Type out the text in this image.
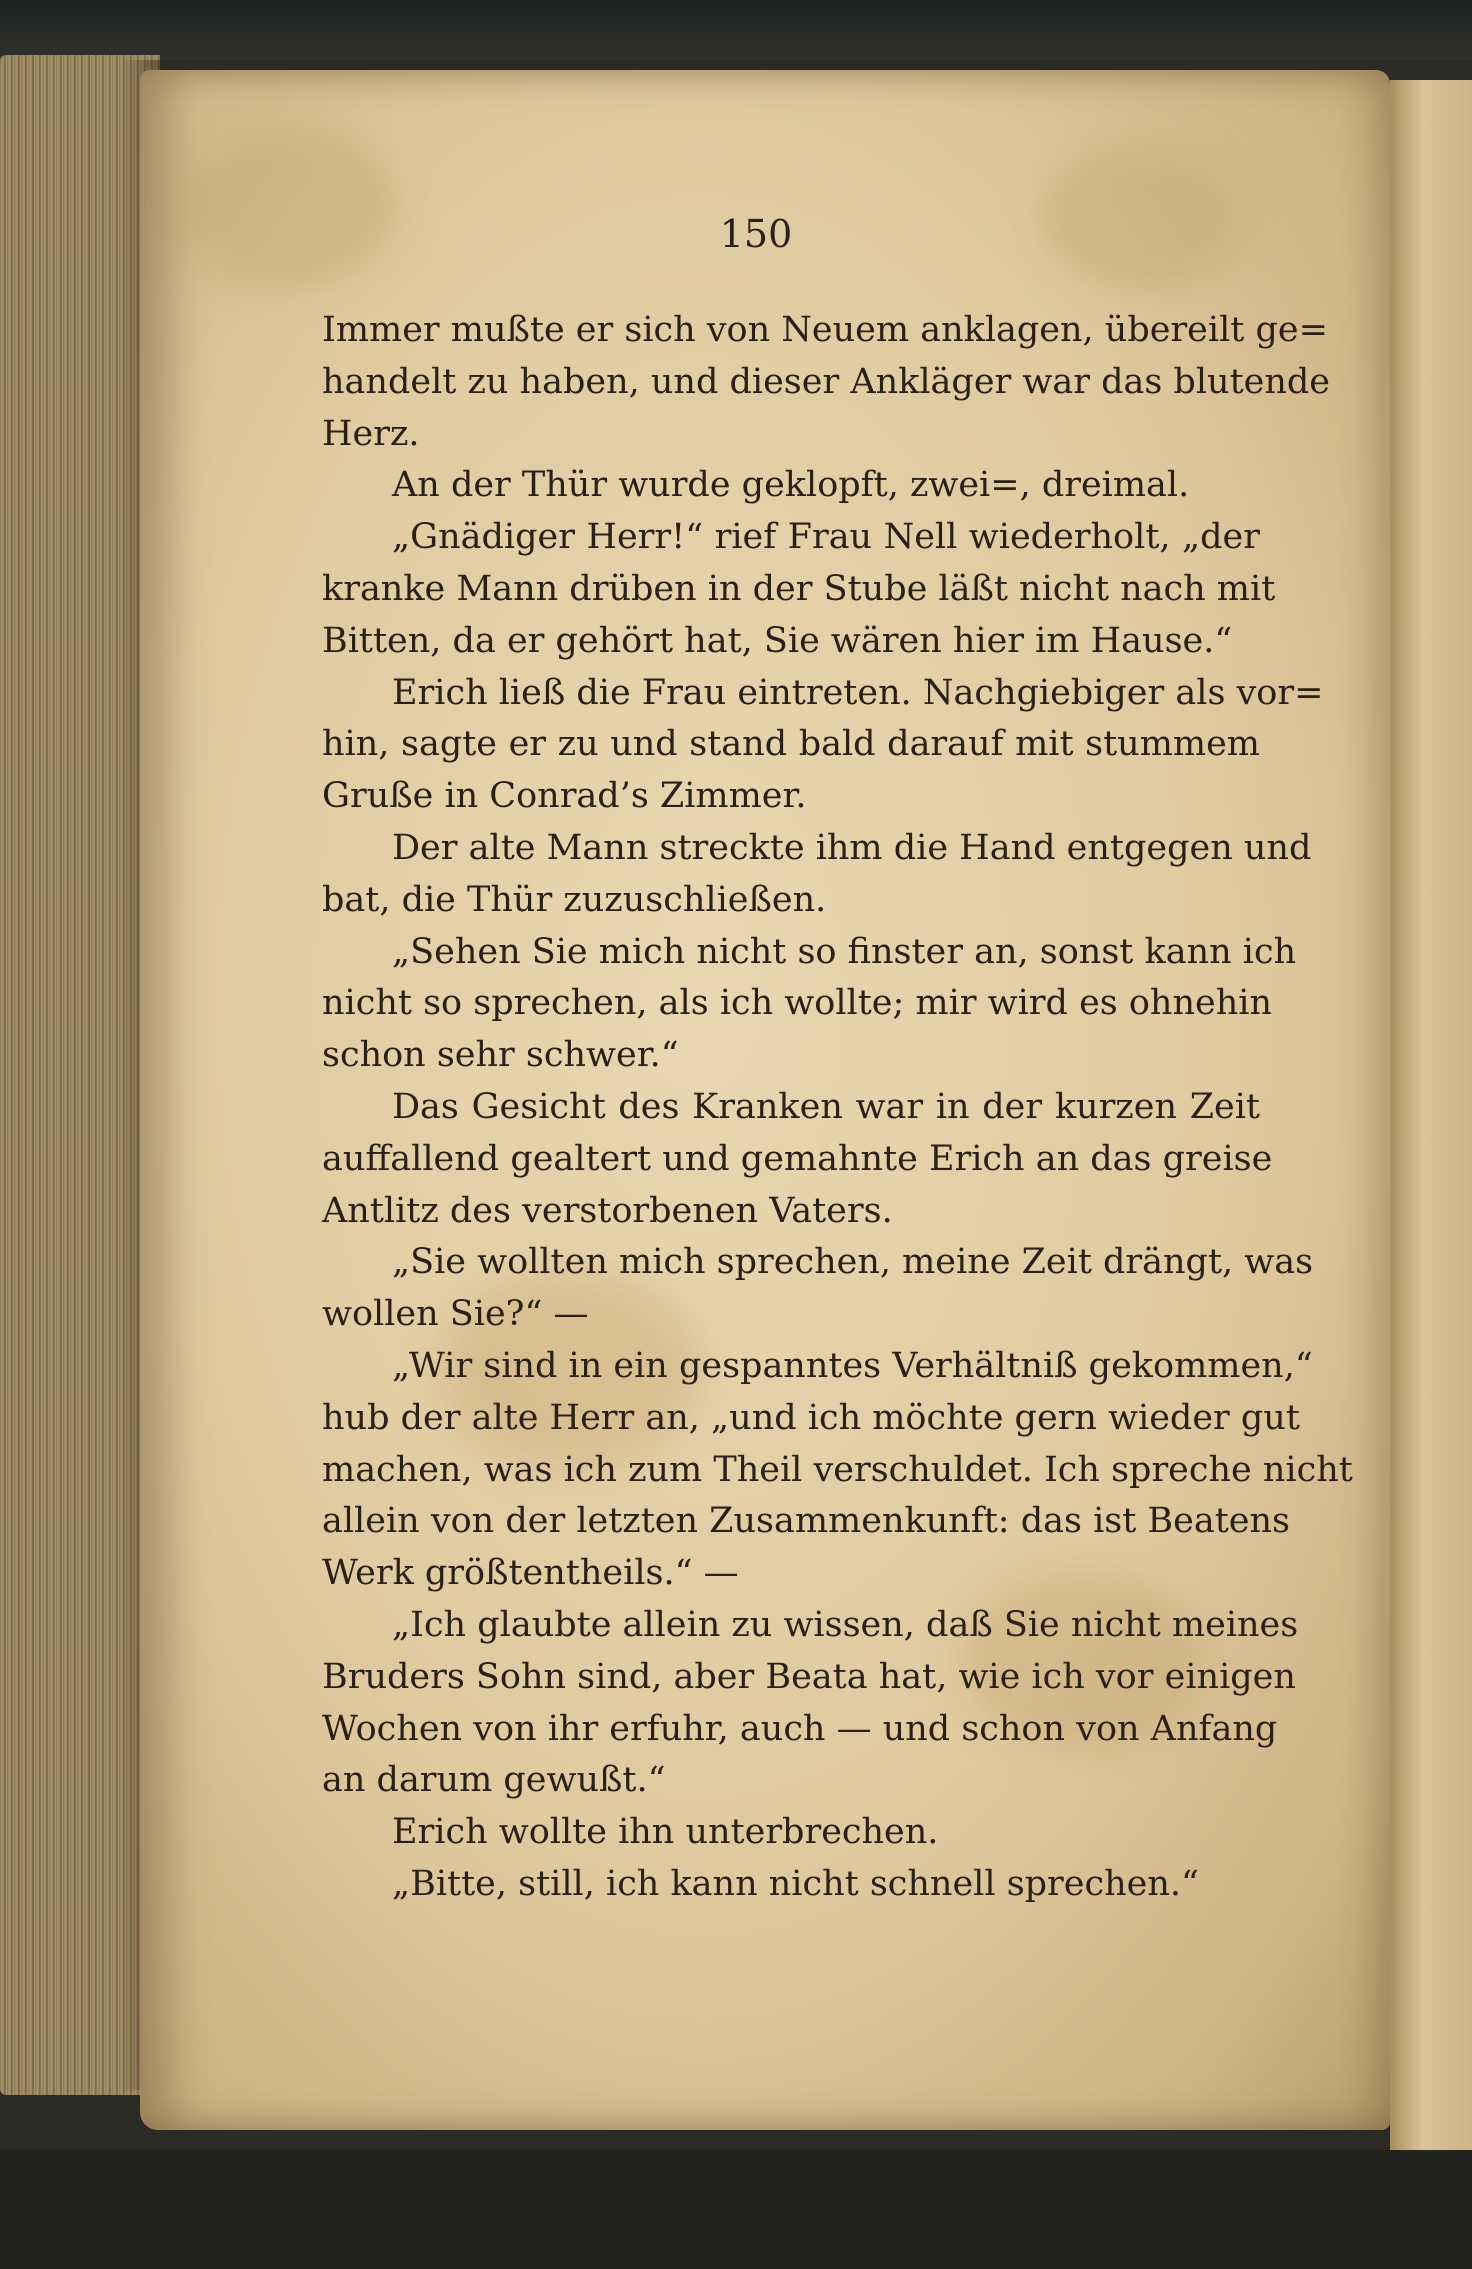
150
Immer mußte er sich von Neuem anklagen, übereilt ge=
handelt zu haben, und dieser Ankläger war das blutende
Herz.
An der Thür wurde geklopft, zwei=, dreimal.
„Gnädiger Herr!“ rief Frau Nell wiederholt, „der
kranke Mann drüben in der Stube läßt nicht nach mit
Bitten, da er gehört hat, Sie wären hier im Hause.“
Erich ließ die Frau eintreten. Nachgiebiger als vor=
hin, sagte er zu und stand bald darauf mit stummem
Gruße in Conrad’s Zimmer.
Der alte Mann streckte ihm die Hand entgegen und
bat, die Thür zuzuschließen.
„Sehen Sie mich nicht so finster an, sonst kann ich
nicht so sprechen, als ich wollte; mir wird es ohnehin
schon sehr schwer.“
Das Gesicht des Kranken war in der kurzen Zeit
auffallend gealtert und gemahnte Erich an das greise
Antlitz des verstorbenen Vaters.
„Sie wollten mich sprechen, meine Zeit drängt, was
wollen Sie?“ —
„Wir sind in ein gespanntes Verhältniß gekommen,“
hub der alte Herr an, „und ich möchte gern wieder gut
machen, was ich zum Theil verschuldet. Ich spreche nicht
allein von der letzten Zusammenkunft: das ist Beatens
Werk größtentheils.“ —
„Ich glaubte allein zu wissen, daß Sie nicht meines
Bruders Sohn sind, aber Beata hat, wie ich vor einigen
Wochen von ihr erfuhr, auch — und schon von Anfang
an darum gewußt.“
Erich wollte ihn unterbrechen.
„Bitte, still, ich kann nicht schnell sprechen.“
